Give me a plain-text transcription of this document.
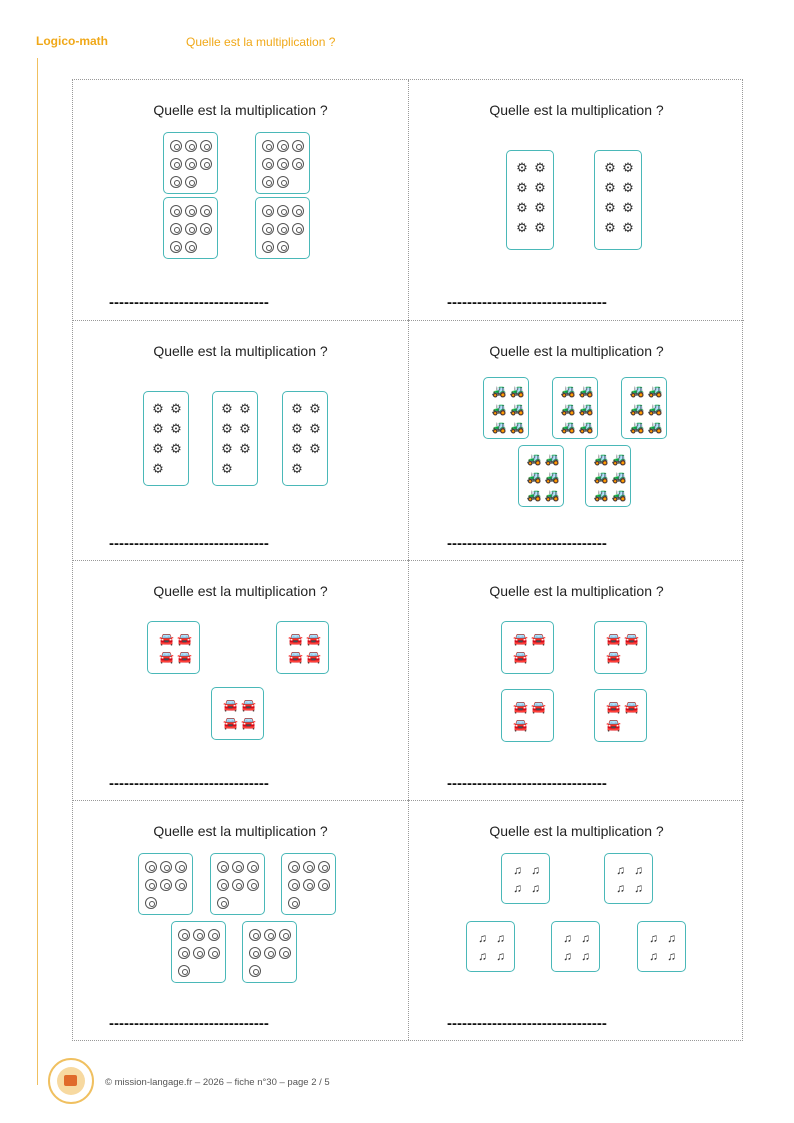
Logico-math	Quelle est la multiplication ?
Quelle est la multiplication ?
--------------------------------
Quelle est la multiplication ?
⚙ ⚙
⚙ ⚙
⚙ ⚙
⚙ ⚙
⚙ ⚙
⚙ ⚙
⚙ ⚙
⚙ ⚙
--------------------------------
Quelle est la multiplication ?
⚙ ⚙
⚙ ⚙
⚙ ⚙
⚙
⚙ ⚙
⚙ ⚙
⚙ ⚙
⚙
⚙ ⚙
⚙ ⚙
⚙ ⚙
⚙
--------------------------------
Quelle est la multiplication ?
🚜 🚜
🚜 🚜
🚜 🚜
🚜 🚜
🚜 🚜
🚜 🚜
🚜 🚜
🚜 🚜
🚜 🚜
🚜 🚜
🚜 🚜
🚜 🚜
🚜 🚜
🚜 🚜
🚜 🚜
--------------------------------
Quelle est la multiplication ?
🚘 🚘
🚘 🚘
🚘 🚘
🚘 🚘
🚘 🚘
🚘 🚘
--------------------------------
Quelle est la multiplication ?
🚘 🚘
🚘
🚘 🚘
🚘
🚘 🚘
🚘
🚘 🚘
🚘
--------------------------------
Quelle est la multiplication ?
--------------------------------
Quelle est la multiplication ?
♫ ♫
♫ ♫
♫ ♫
♫ ♫
♫ ♫
♫ ♫
♫ ♫
♫ ♫
♫ ♫
♫ ♫
--------------------------------
© mission-langage.fr – 2026 – fiche n°30 – page 2 / 5
